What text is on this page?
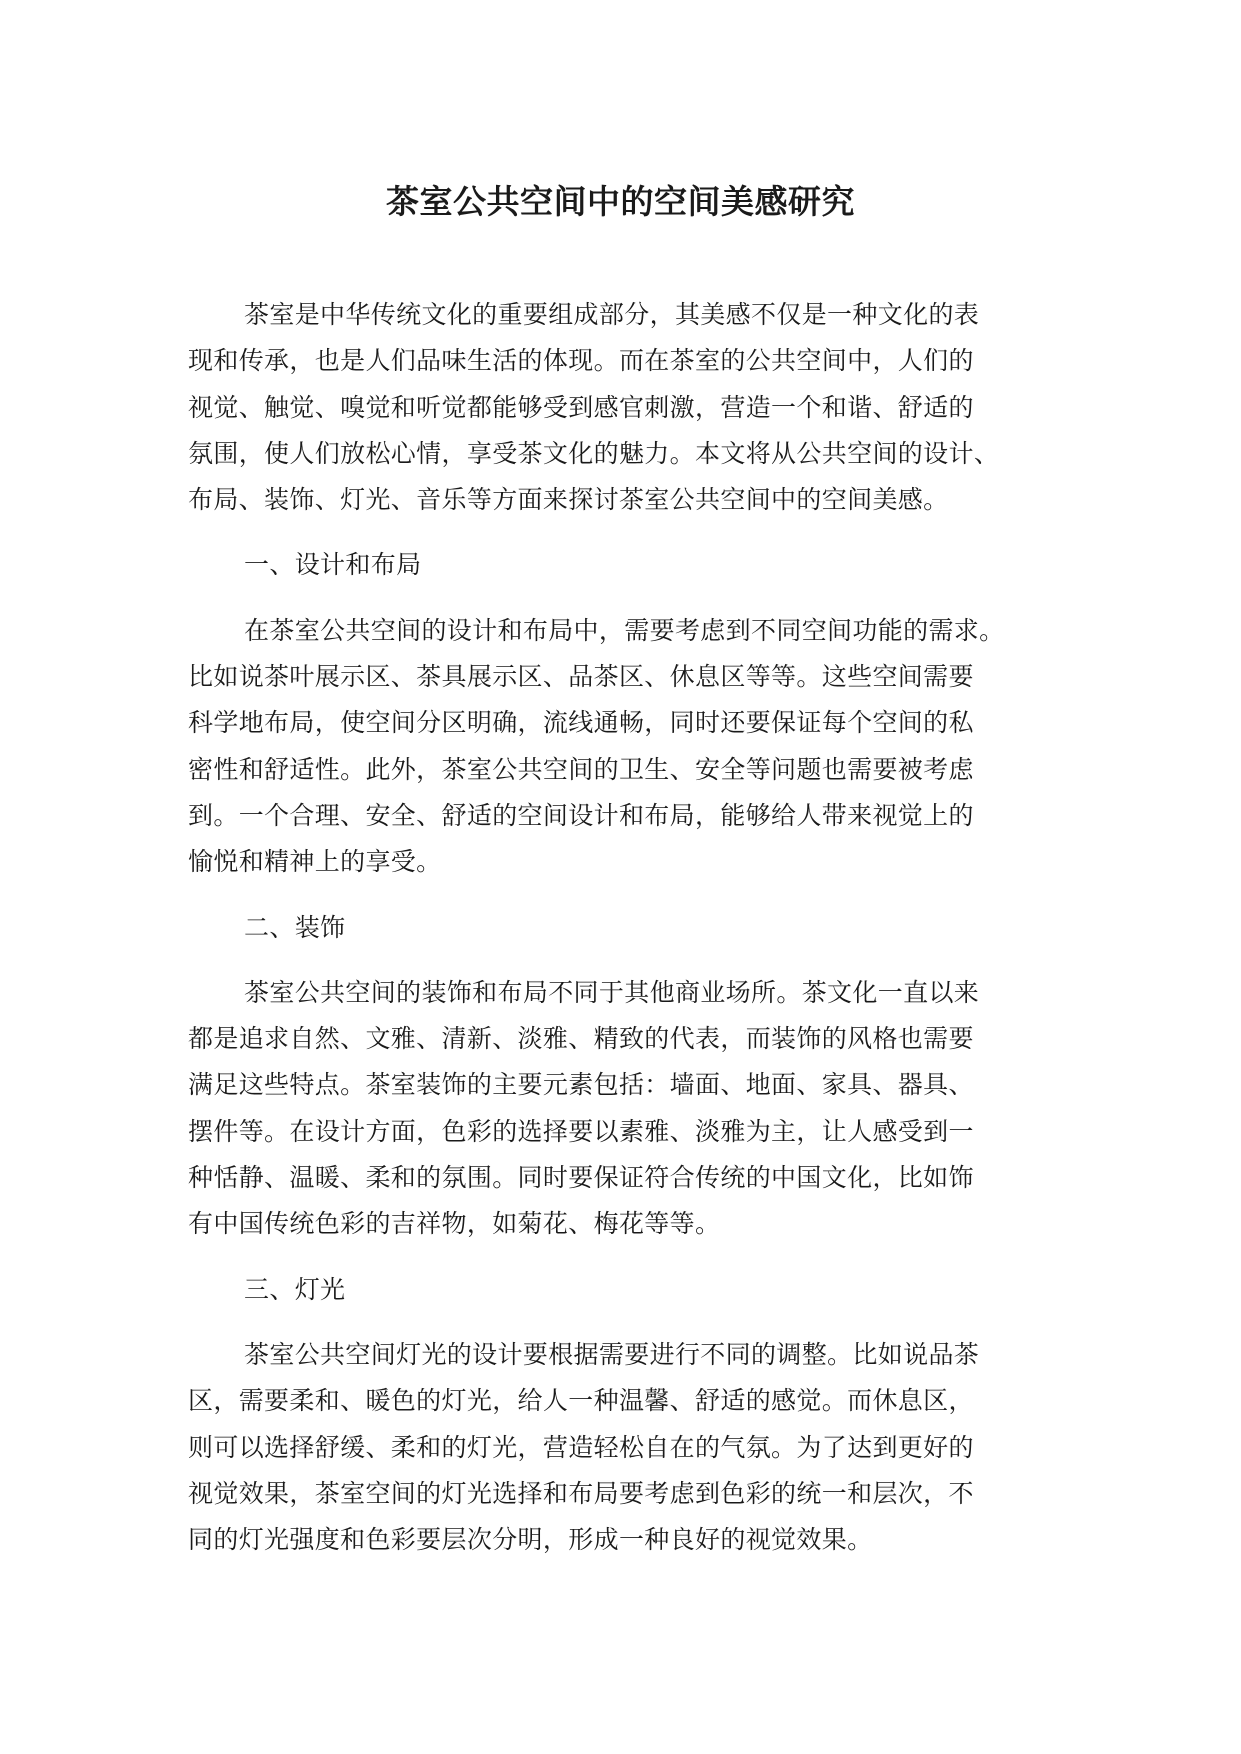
茶室公共空间中的空间美感研究

茶室是中华传统文化的重要组成部分，其美感不仅是一种文化的表
现和传承，也是人们品味生活的体现。而在茶室的公共空间中，人们的
视觉、触觉、嗅觉和听觉都能够受到感官刺激，营造一个和谐、舒适的
氛围，使人们放松心情，享受茶文化的魅力。本文将从公共空间的设计、
布局、装饰、灯光、音乐等方面来探讨茶室公共空间中的空间美感。

一、设计和布局

在茶室公共空间的设计和布局中，需要考虑到不同空间功能的需求。
比如说茶叶展示区、茶具展示区、品茶区、休息区等等。这些空间需要
科学地布局，使空间分区明确，流线通畅，同时还要保证每个空间的私
密性和舒适性。此外，茶室公共空间的卫生、安全等问题也需要被考虑
到。一个合理、安全、舒适的空间设计和布局，能够给人带来视觉上的
愉悦和精神上的享受。

二、装饰

茶室公共空间的装饰和布局不同于其他商业场所。茶文化一直以来
都是追求自然、文雅、清新、淡雅、精致的代表，而装饰的风格也需要
满足这些特点。茶室装饰的主要元素包括：墙面、地面、家具、器具、
摆件等。在设计方面，色彩的选择要以素雅、淡雅为主，让人感受到一
种恬静、温暖、柔和的氛围。同时要保证符合传统的中国文化，比如饰
有中国传统色彩的吉祥物，如菊花、梅花等等。

三、灯光

茶室公共空间灯光的设计要根据需要进行不同的调整。比如说品茶
区，需要柔和、暖色的灯光，给人一种温馨、舒适的感觉。而休息区，
则可以选择舒缓、柔和的灯光，营造轻松自在的气氛。为了达到更好的
视觉效果，茶室空间的灯光选择和布局要考虑到色彩的统一和层次，不
同的灯光强度和色彩要层次分明，形成一种良好的视觉效果。
